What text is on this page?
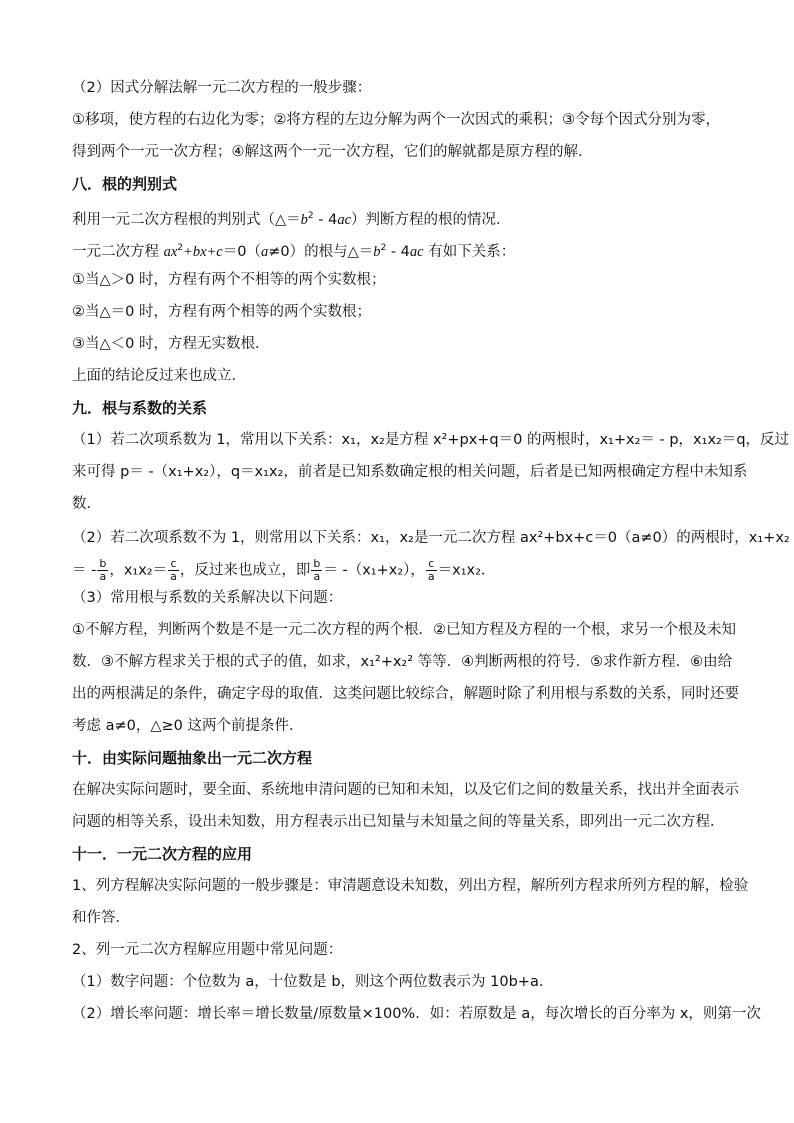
（2）因式分解法解一元二次方程的一般步骤：
①移项，使方程的右边化为零；②将方程的左边分解为两个一次因式的乘积；③令每个因式分别为零，
得到两个一元一次方程；④解这两个一元一次方程，它们的解就都是原方程的解．
八．根的判别式
利用一元二次方程根的判别式$(\triangle=b^2 - 4ac)$判断方程的根的情况．
一元二次方程 $ax^2+bx+c=0(a\ne 0)$的根与$\triangle=b^2 - 4ac$ 有如下关系：
①当△＞0 时，方程有两个不相等的两个实数根；
②当△＝0 时，方程有两个相等的两个实数根；
③当△＜0 时，方程无实数根．
上面的结论反过来也成立．
九．根与系数的关系
（1）若二次项系数为 1，常用以下关系：x₁，x₂是方程 x²+px+q＝0 的两根时，x₁+x₂＝ - p，x₁x₂＝q，反过
来可得 p＝ -（x₁+x₂），q＝x₁x₂，前者是已知系数确定根的相关问题，后者是已知两根确定方程中未知系
数．
（2）若二次项系数不为 1，则常用以下关系：x₁，x₂是一元二次方程 ax²+bx+c＝0（a≠0）的两根时，x₁+x₂
＝ - $\frac{b}{a}$ ，$x_1x_2= \frac{c}{a}$ ，反过来也成立，即 $\frac{b}{a} = -(x_1+x_2)$， $\frac{c}{a} =x_1x_2$．
（3）常用根与系数的关系解决以下问题：
①不解方程，判断两个数是不是一元二次方程的两个根．②已知方程及方程的一个根，求另一个根及未知
数．③不解方程求关于根的式子的值，如求，x₁²+x₂² 等等．④判断两根的符号．⑤求作新方程．⑥由给
出的两根满足的条件，确定字母的取值．这类问题比较综合，解题时除了利用根与系数的关系，同时还要
考虑 a≠0，△≥0 这两个前提条件．
十．由实际问题抽象出一元二次方程
在解决实际问题时，要全面、系统地申清问题的已知和未知，以及它们之间的数量关系，找出并全面表示
问题的相等关系，设出未知数，用方程表示出已知量与未知量之间的等量关系，即列出一元二次方程．
十一．一元二次方程的应用
1、列方程解决实际问题的一般步骤是：审清题意设未知数，列出方程，解所列方程求所列方程的解，检验
和作答．
2、列一元二次方程解应用题中常见问题：
（1）数字问题：个位数为 a，十位数是 b，则这个两位数表示为 10b+a．
（2）增长率问题：增长率＝增长数量/原数量×100%．如：若原数是 a，每次增长的百分率为 x，则第一次
